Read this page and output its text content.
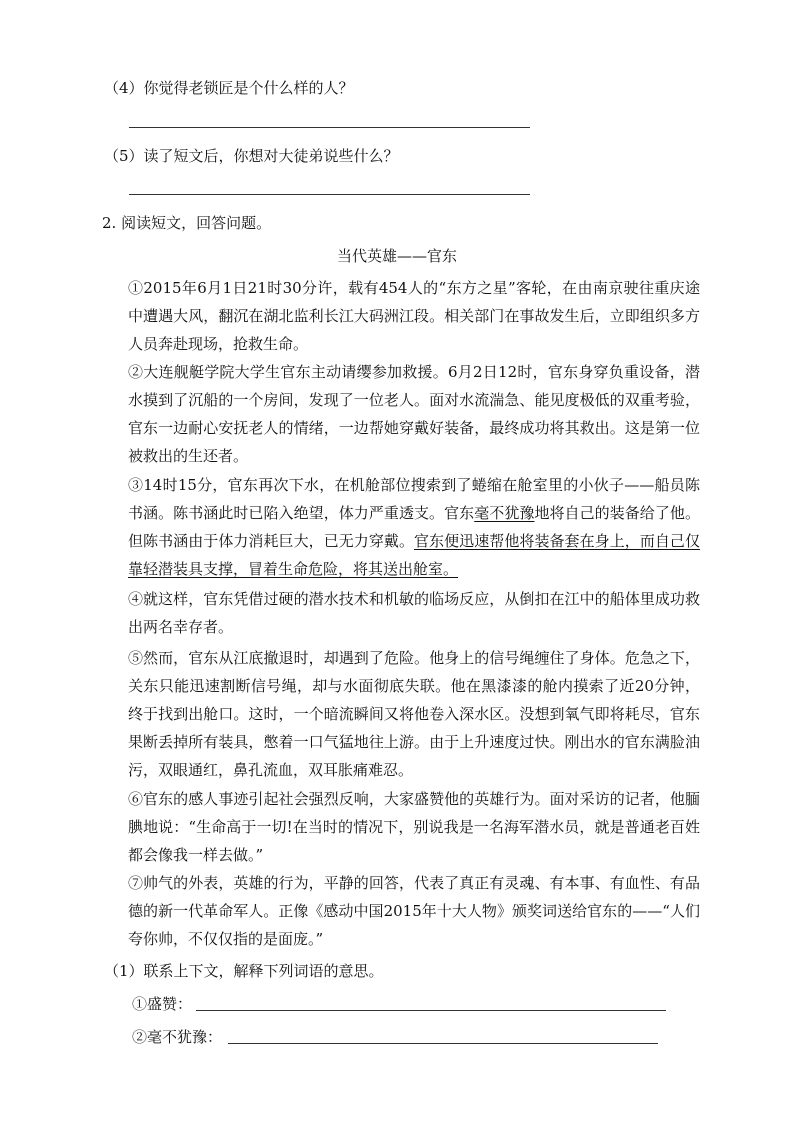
（4）你觉得老锁匠是个什么样的人？
（5）读了短文后，你想对大徒弟说些什么？
2. 阅读短文，回答问题。
当代英雄——官东

①2015年6月1日21时30分许，载有454人的“东方之星”客轮，在由南京驶往重庆途中遭遇大风，翻沉在湖北监利长江大码洲江段。相关部门在事故发生后，立即组织多方人员奔赴现场，抢救生命。

②大连舰艇学院大学生官东主动请缨参加救援。6月2日12时，官东身穿负重设备，潜水摸到了沉船的一个房间，发现了一位老人。面对水流湍急、能见度极低的双重考验，官东一边耐心安抚老人的情绪，一边帮她穿戴好装备，最终成功将其救出。这是第一位被救出的生还者。

③14时15分，官东再次下水，在机舱部位搜索到了蜷缩在舱室里的小伙子——船员陈书涵。陈书涵此时已陷入绝望，体力严重透支。官东毫不犹豫地将自己的装备给了他。但陈书涵由于体力消耗巨大，已无力穿戴。官东便迅速帮他将装备套在身上，而自己仅靠轻潜装具支撑，冒着生命危险，将其送出舱室。

④就这样，官东凭借过硬的潜水技术和机敏的临场反应，从倒扣在江中的船体里成功救出两名幸存者。

⑤然而，官东从江底撤退时，却遇到了危险。他身上的信号绳缠住了身体。危急之下，关东只能迅速割断信号绳，却与水面彻底失联。他在黑漆漆的舱内摸索了近20分钟，终于找到出舱口。这时，一个暗流瞬间又将他卷入深水区。没想到氧气即将耗尽，官东果断丢掉所有装具，憋着一口气猛地往上游。由于上升速度过快。刚出水的官东满脸油污，双眼通红，鼻孔流血，双耳胀痛难忍。

⑥官东的感人事迹引起社会强烈反响，大家盛赞他的英雄行为。面对采访的记者，他腼腆地说：“生命高于一切!在当时的情况下，别说我是一名海军潜水员，就是普通老百姓都会像我一样去做。”

⑦帅气的外表，英雄的行为，平静的回答，代表了真正有灵魂、有本事、有血性、有品德的新一代革命军人。正像《感动中国2015年十大人物》颁奖词送给官东的——“人们夸你帅，不仅仅指的是面庞。”

（1）联系上下文，解释下列词语的意思。
①盛赞：
②毫不犹豫：
